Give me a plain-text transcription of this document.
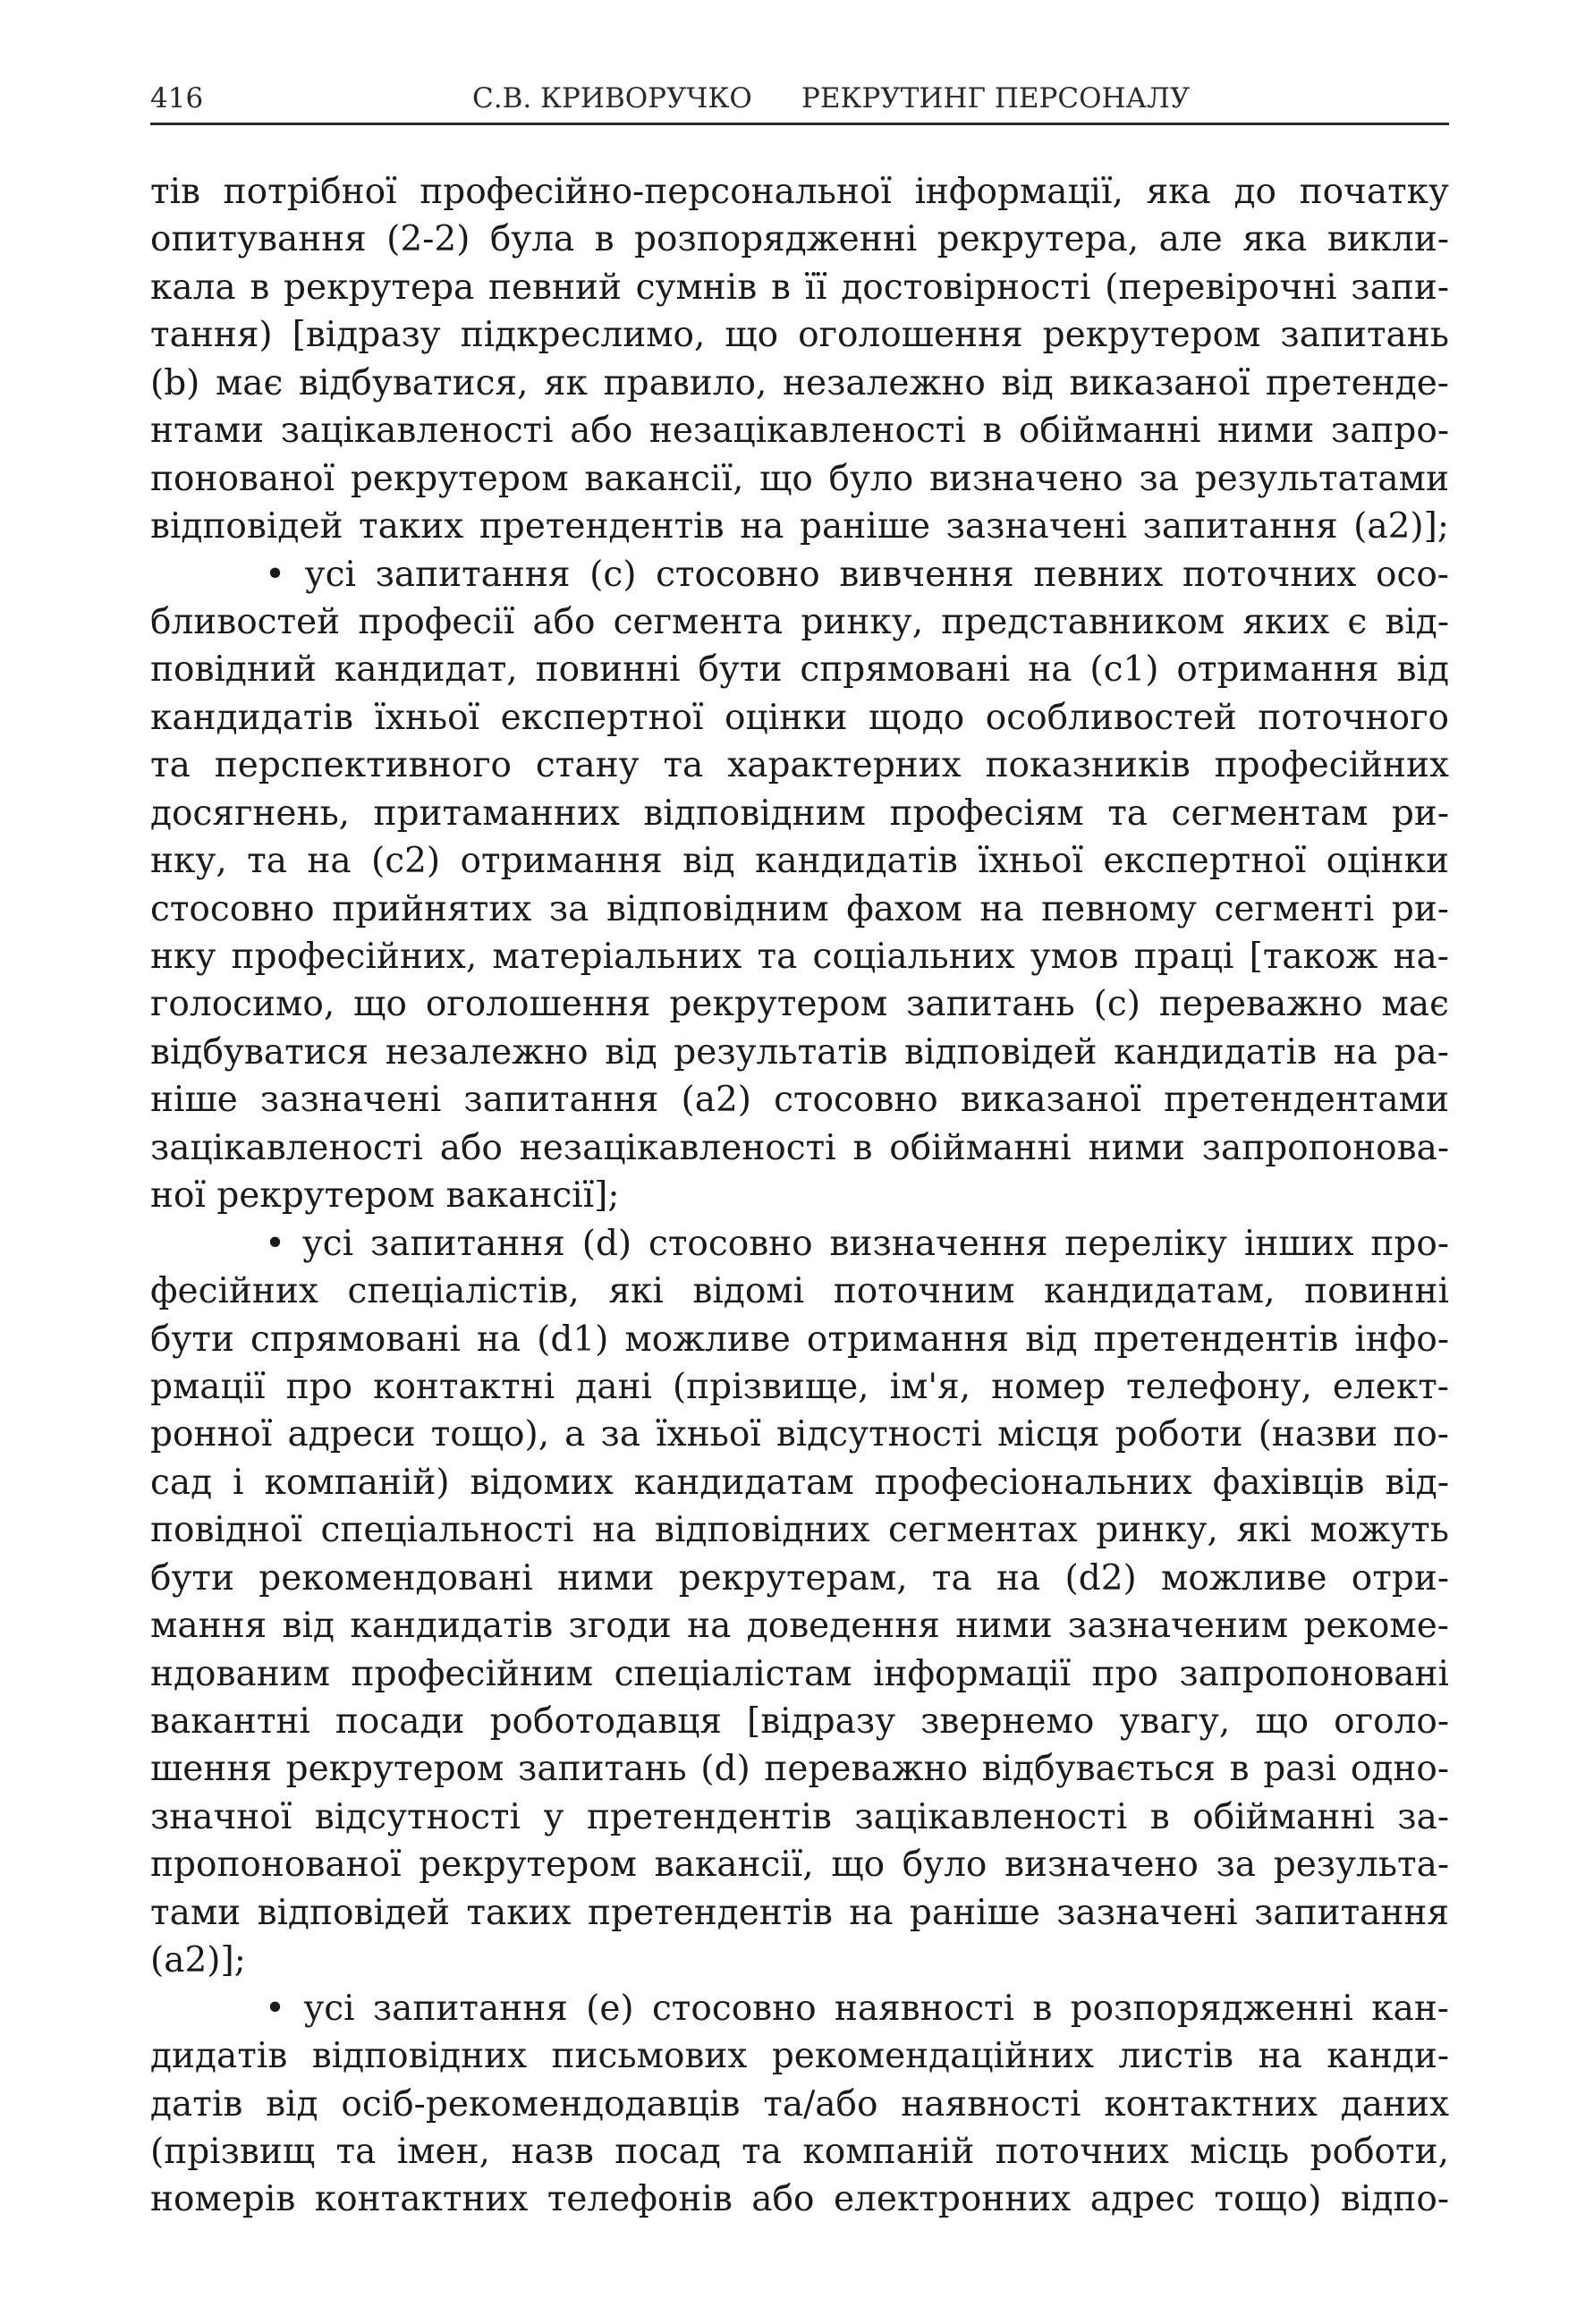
416	С.В. КРИВОРУЧКО РЕКРУТИНГ ПЕРСОНАЛУ
тів потрібної професійно-персональної інформації, яка до початку
опитування (2-2) була в розпорядженні рекрутера, але яка викли-
кала в рекрутера певний сумнів в її достовірності (перевірочні запи-
тання) [відразу підкреслимо, що оголошення рекрутером запитань
(b) має відбуватися, як правило, незалежно від виказаної претенде-
нтами зацікавленості або незацікавленості в обійманні ними запро-
понованої рекрутером вакансії, що було визначено за результатами
відповідей таких претендентів на раніше зазначені запитання (a2)];
• усі запитання (c) стосовно вивчення певних поточних осо-
бливостей професії або сегмента ринку, представником яких є від-
повідний кандидат, повинні бути спрямовані на (c1) отримання від
кандидатів їхньої експертної оцінки щодо особливостей поточного
та перспективного стану та характерних показників професійних
досягнень, притаманних відповідним професіям та сегментам ри-
нку, та на (c2) отримання від кандидатів їхньої експертної оцінки
стосовно прийнятих за відповідним фахом на певному сегменті ри-
нку професійних, матеріальних та соціальних умов праці [також на-
голосимо, що оголошення рекрутером запитань (c) переважно має
відбуватися незалежно від результатів відповідей кандидатів на ра-
ніше зазначені запитання (a2) стосовно виказаної претендентами
зацікавленості або незацікавленості в обійманні ними запропонова-
ної рекрутером вакансії];
• усі запитання (d) стосовно визначення переліку інших про-
фесійних спеціалістів, які відомі поточним кандидатам, повинні
бути спрямовані на (d1) можливе отримання від претендентів інфо-
рмації про контактні дані (прізвище, ім'я, номер телефону, елект-
ронної адреси тощо), а за їхньої відсутності місця роботи (назви по-
сад і компаній) відомих кандидатам професіональних фахівців від-
повідної спеціальності на відповідних сегментах ринку, які можуть
бути рекомендовані ними рекрутерам, та на (d2) можливе отри-
мання від кандидатів згоди на доведення ними зазначеним рекоме-
ндованим професійним спеціалістам інформації про запропоновані
вакантні посади роботодавця [відразу звернемо увагу, що оголо-
шення рекрутером запитань (d) переважно відбувається в разі одно-
значної відсутності у претендентів зацікавленості в обійманні за-
пропонованої рекрутером вакансії, що було визначено за результа-
тами відповідей таких претендентів на раніше зазначені запитання
(a2)];
• усі запитання (e) стосовно наявності в розпорядженні кан-
дидатів відповідних письмових рекомендаційних листів на канди-
датів від осіб-рекомендодавців та/або наявності контактних даних
(прізвищ та імен, назв посад та компаній поточних місць роботи,
номерів контактних телефонів або електронних адрес тощо) відпо-
